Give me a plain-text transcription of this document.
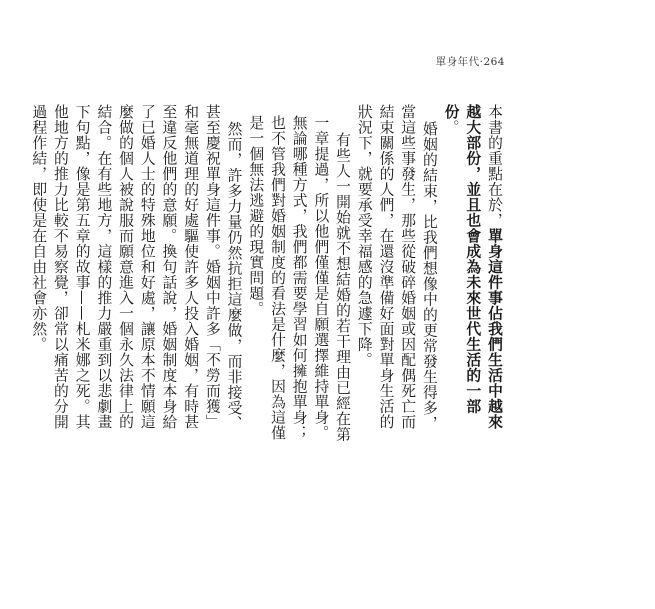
單身年代·264

本書的重點在於，單身這件事佔我們生活中越來越大部份，並且也會成為未來世代生活的一部份。

婚姻的結束，比我們想像中的更常發生得多，當這些事發生，那些從破碎婚姻或因配偶死亡而結束關係的人們，在還沒準備好面對單身生活的狀況下，就要承受幸福感的急遽下降。

有些人一開始就不想結婚的若干理由已經在第一章提過，所以他們僅僅是自願選擇維持單身。無論哪種方式，我們都需要學習如何擁抱單身；也不管我們對婚姻制度的看法是什麼，因為這僅是一個無法逃避的現實問題。

然而，許多力量仍然抗拒這麼做，而非接受、甚至慶祝單身這件事。婚姻中許多「不勞而獲」和毫無道理的好處驅使許多人投入婚姻，有時甚至違反他們的意願。換句話說，婚姻制度本身給了已婚人士的特殊地位和好處，讓原本不情願這麼做的個人被說服而願意進入一個永久法律上的結合。在有些地方，這樣的推力嚴重到以悲劇畫下句點，像是第五章的故事——札米娜之死。其他地方的推力比較不易察覺，卻常以痛苦的分開過程作結，即使是在自由社會亦然。
